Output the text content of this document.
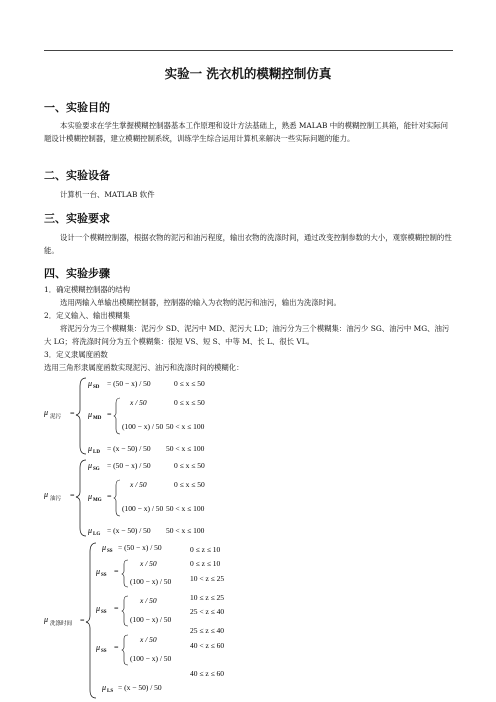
实验一 洗衣机的模糊控制仿真
一、实验目的
本实验要求在学生掌握模糊控制器基本工作原理和设计方法基础上，熟悉 MALAB 中的模糊控制工具箱，能针对实际问题设计模糊控制器，建立模糊控制系统，训练学生综合运用计算机来解决一些实际问题的能力。
二、实验设备
计算机一台、MATLAB 软件
三、实验要求
设计一个模糊控制器，根据衣物的泥污和油污程度，输出衣物的洗涤时间，通过改变控制参数的大小，观察模糊控制的性能。
四、实验步骤
1．确定模糊控制器的结构
选用两输入单输出模糊控制器，控制器的输入为衣物的泥污和油污，输出为洗涤时间。
2．定义输入、输出模糊集
将泥污分为三个模糊集：泥污少 SD、泥污中 MD、泥污大 LD；油污分为三个模糊集：油污少 SG、油污中 MG、油污大 LG；将洗涤时间分为五个模糊集：很短 VS、短 S、中等 M、长 L、很长 VL。
3．定义隶属度函数
选用三角形隶属度函数实现泥污、油污和洗涤时间的模糊化：
μ 泥污 =
μ SD = (50 − x) / 50	0 ≤ x ≤ 50
μ MD =
x / 50	0 ≤ x ≤ 50
(100 − x) / 50 50 < x ≤ 100
μ LD = (x − 50) / 50 50 < x ≤ 100
μ 油污 =
μ SG = (50 − x) / 50	0 ≤ x ≤ 50
μ MG =
x / 50	0 ≤ x ≤ 50
(100 − x) / 50 50 < x ≤ 100
μ LG = (x − 50) / 50 50 < x ≤ 100
μ 洗涤时间 =
μ SS = (50 − x) / 50	0 ≤ z ≤ 10
μ SS =
x / 50	0 ≤ z ≤ 10
(100 − x) / 50 10 < z ≤ 25
μ SS =
x / 50	10 ≤ z ≤ 25
(100 − x) / 50
25 < z ≤ 40
μ SS =
x / 50
25 ≤ z ≤ 40
(100 − x) / 50
40 < z ≤ 60
μ LS = (x − 50) / 50
40 ≤ z ≤ 60
